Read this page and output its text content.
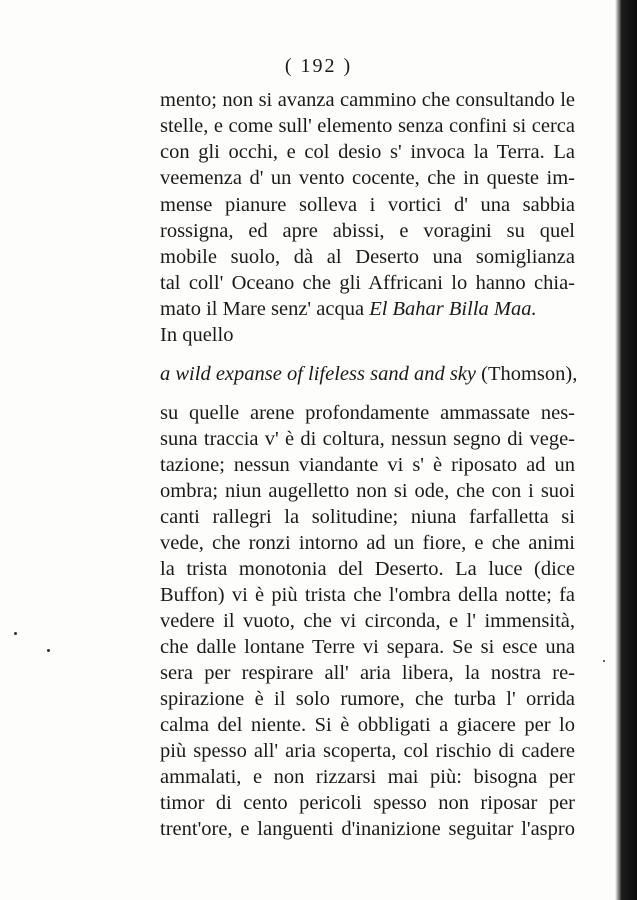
( 192 )
mento; non si avanza cammino che consultando le
stelle, e come sull' elemento senza confini si cerca
con gli occhi, e col desio s' invoca la Terra. La
veemenza d' un vento cocente, che in queste im-
mense pianure solleva i vortici d' una sabbia
rossigna, ed apre abissi, e voragini su quel
mobile suolo, dà al Deserto una somiglianza
tal coll' Oceano che gli Affricani lo hanno chia-
mato il Mare senz' acqua El Bahar Billa Maa.
In quello
a wild expanse of lifeless sand and sky (Thomson),
su quelle arene profondamente ammassate nes-
suna traccia v' è di coltura, nessun segno di vege-
tazione; nessun viandante vi s' è riposato ad un
ombra; niun augelletto non si ode, che con i suoi
canti rallegri la solitudine; niuna farfalletta si
vede, che ronzi intorno ad un fiore, e che animi
la trista monotonia del Deserto. La luce (dice
Buffon) vi è più trista che l'ombra della notte; fa
vedere il vuoto, che vi circonda, e l' immensità,
che dalle lontane Terre vi separa. Se si esce una
sera per respirare all' aria libera, la nostra re-
spirazione è il solo rumore, che turba l' orrida
calma del niente. Si è obbligati a giacere per lo
più spesso all' aria scoperta, col rischio di cadere
ammalati, e non rizzarsi mai più: bisogna per
timor di cento pericoli spesso non riposar per
trent'ore, e languenti d'inanizione seguitar l'aspro
